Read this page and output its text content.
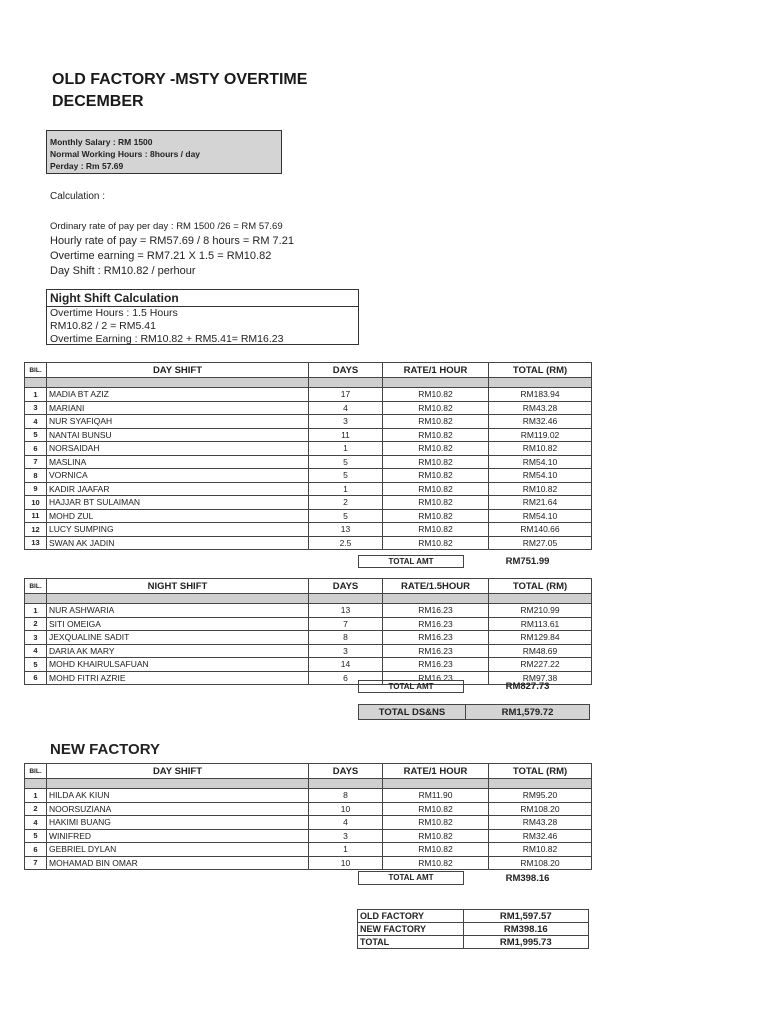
OLD FACTORY -MSTY OVERTIME
DECEMBER
Monthly Salary : RM 1500
Normal Working Hours : 8hours / day
Perday : Rm 57.69
Calculation :
Ordinary rate of pay per day : RM 1500 /26 = RM 57.69
Hourly rate of pay = RM57.69 / 8 hours = RM 7.21
Overtime earning = RM7.21 X 1.5 = RM10.82
Day Shift : RM10.82 / perhour
Night Shift Calculation
Overtime Hours : 1.5 Hours
RM10.82 / 2 = RM5.41
Overtime Earning : RM10.82 + RM5.41= RM16.23
BIL.	DAY SHIFT	DAYS	RATE/1 HOUR	TOTAL (RM)

1	MADIA BT AZIZ	17	RM10.82	RM183.94
3	MARIANI	4	RM10.82	RM43.28
4	NUR SYAFIQAH	3	RM10.82	RM32.46
5	NANTAI BUNSU	11	RM10.82	RM119.02
6	NORSAIDAH	1	RM10.82	RM10.82
7	MASLINA	5	RM10.82	RM54.10
8	VORNICA	5	RM10.82	RM54.10
9	KADIR JAAFAR	1	RM10.82	RM10.82
10	HAJJAR BT SULAIMAN	2	RM10.82	RM21.64
11	MOHD ZUL	5	RM10.82	RM54.10
12	LUCY SUMPING	13	RM10.82	RM140.66
13	SWAN AK JADIN	2.5	RM10.82	RM27.05
TOTAL AMT	RM751.99
BIL.	NIGHT SHIFT	DAYS	RATE/1.5HOUR	TOTAL (RM)

1	NUR ASHWARIA	13	RM16.23	RM210.99
2	SITI OMEIGA	7	RM16.23	RM113.61
3	JEXQUALINE SADIT	8	RM16.23	RM129.84
4	DARIA AK MARY	3	RM16.23	RM48.69
5	MOHD KHAIRULSAFUAN	14	RM16.23	RM227.22
6	MOHD FITRI AZRIE	6	RM16.23	RM97.38
TOTAL AMT	RM827.73
TOTAL DS&NS	RM1,579.72
NEW FACTORY
BIL.	DAY SHIFT	DAYS	RATE/1 HOUR	TOTAL (RM)

1	HILDA AK KIUN	8	RM11.90	RM95.20
2	NOORSUZIANA	10	RM10.82	RM108.20
4	HAKIMI BUANG	4	RM10.82	RM43.28
5	WINIFRED	3	RM10.82	RM32.46
6	GEBRIEL DYLAN	1	RM10.82	RM10.82
7	MOHAMAD BIN OMAR	10	RM10.82	RM108.20
TOTAL AMT	RM398.16
OLD FACTORY	RM1,597.57
NEW FACTORY	RM398.16
TOTAL	RM1,995.73
